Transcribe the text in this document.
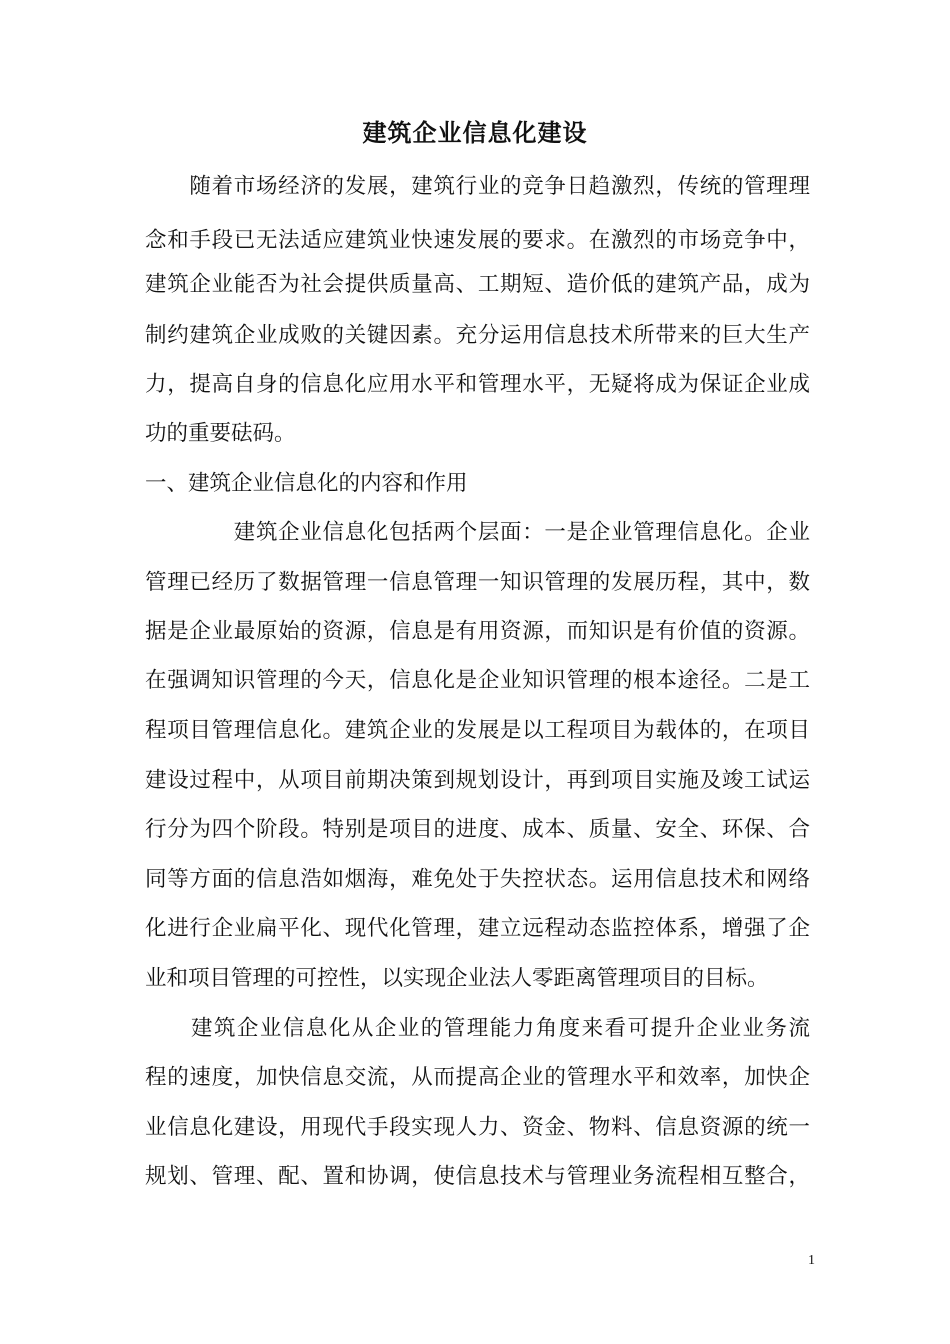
建筑企业信息化建设
　　随着市场经济的发展，建筑行业的竞争日趋激烈，传统的管理理
念和手段已无法适应建筑业快速发展的要求。在激烈的市场竞争中，
建筑企业能否为社会提供质量高、工期短、造价低的建筑产品，成为
制约建筑企业成败的关键因素。充分运用信息技术所带来的巨大生产
力，提高自身的信息化应用水平和管理水平，无疑将成为保证企业成
功的重要砝码。
一、建筑企业信息化的内容和作用
　　　　建筑企业信息化包括两个层面：一是企业管理信息化。企业
管理已经历了数据管理一信息管理一知识管理的发展历程，其中，数
据是企业最原始的资源，信息是有用资源，而知识是有价值的资源。
在强调知识管理的今天，信息化是企业知识管理的根本途径。二是工
程项目管理信息化。建筑企业的发展是以工程项目为载体的，在项目
建设过程中，从项目前期决策到规划设计，再到项目实施及竣工试运
行分为四个阶段。特别是项目的进度、成本、质量、安全、环保、合
同等方面的信息浩如烟海，难免处于失控状态。运用信息技术和网络
化进行企业扁平化、现代化管理，建立远程动态监控体系，增强了企
业和项目管理的可控性，以实现企业法人零距离管理项目的目标。
　　建筑企业信息化从企业的管理能力角度来看可提升企业业务流
程的速度，加快信息交流，从而提高企业的管理水平和效率，加快企
业信息化建设，用现代手段实现人力、资金、物料、信息资源的统一
规划、管理、配、置和协调，使信息技术与管理业务流程相互整合，
1
